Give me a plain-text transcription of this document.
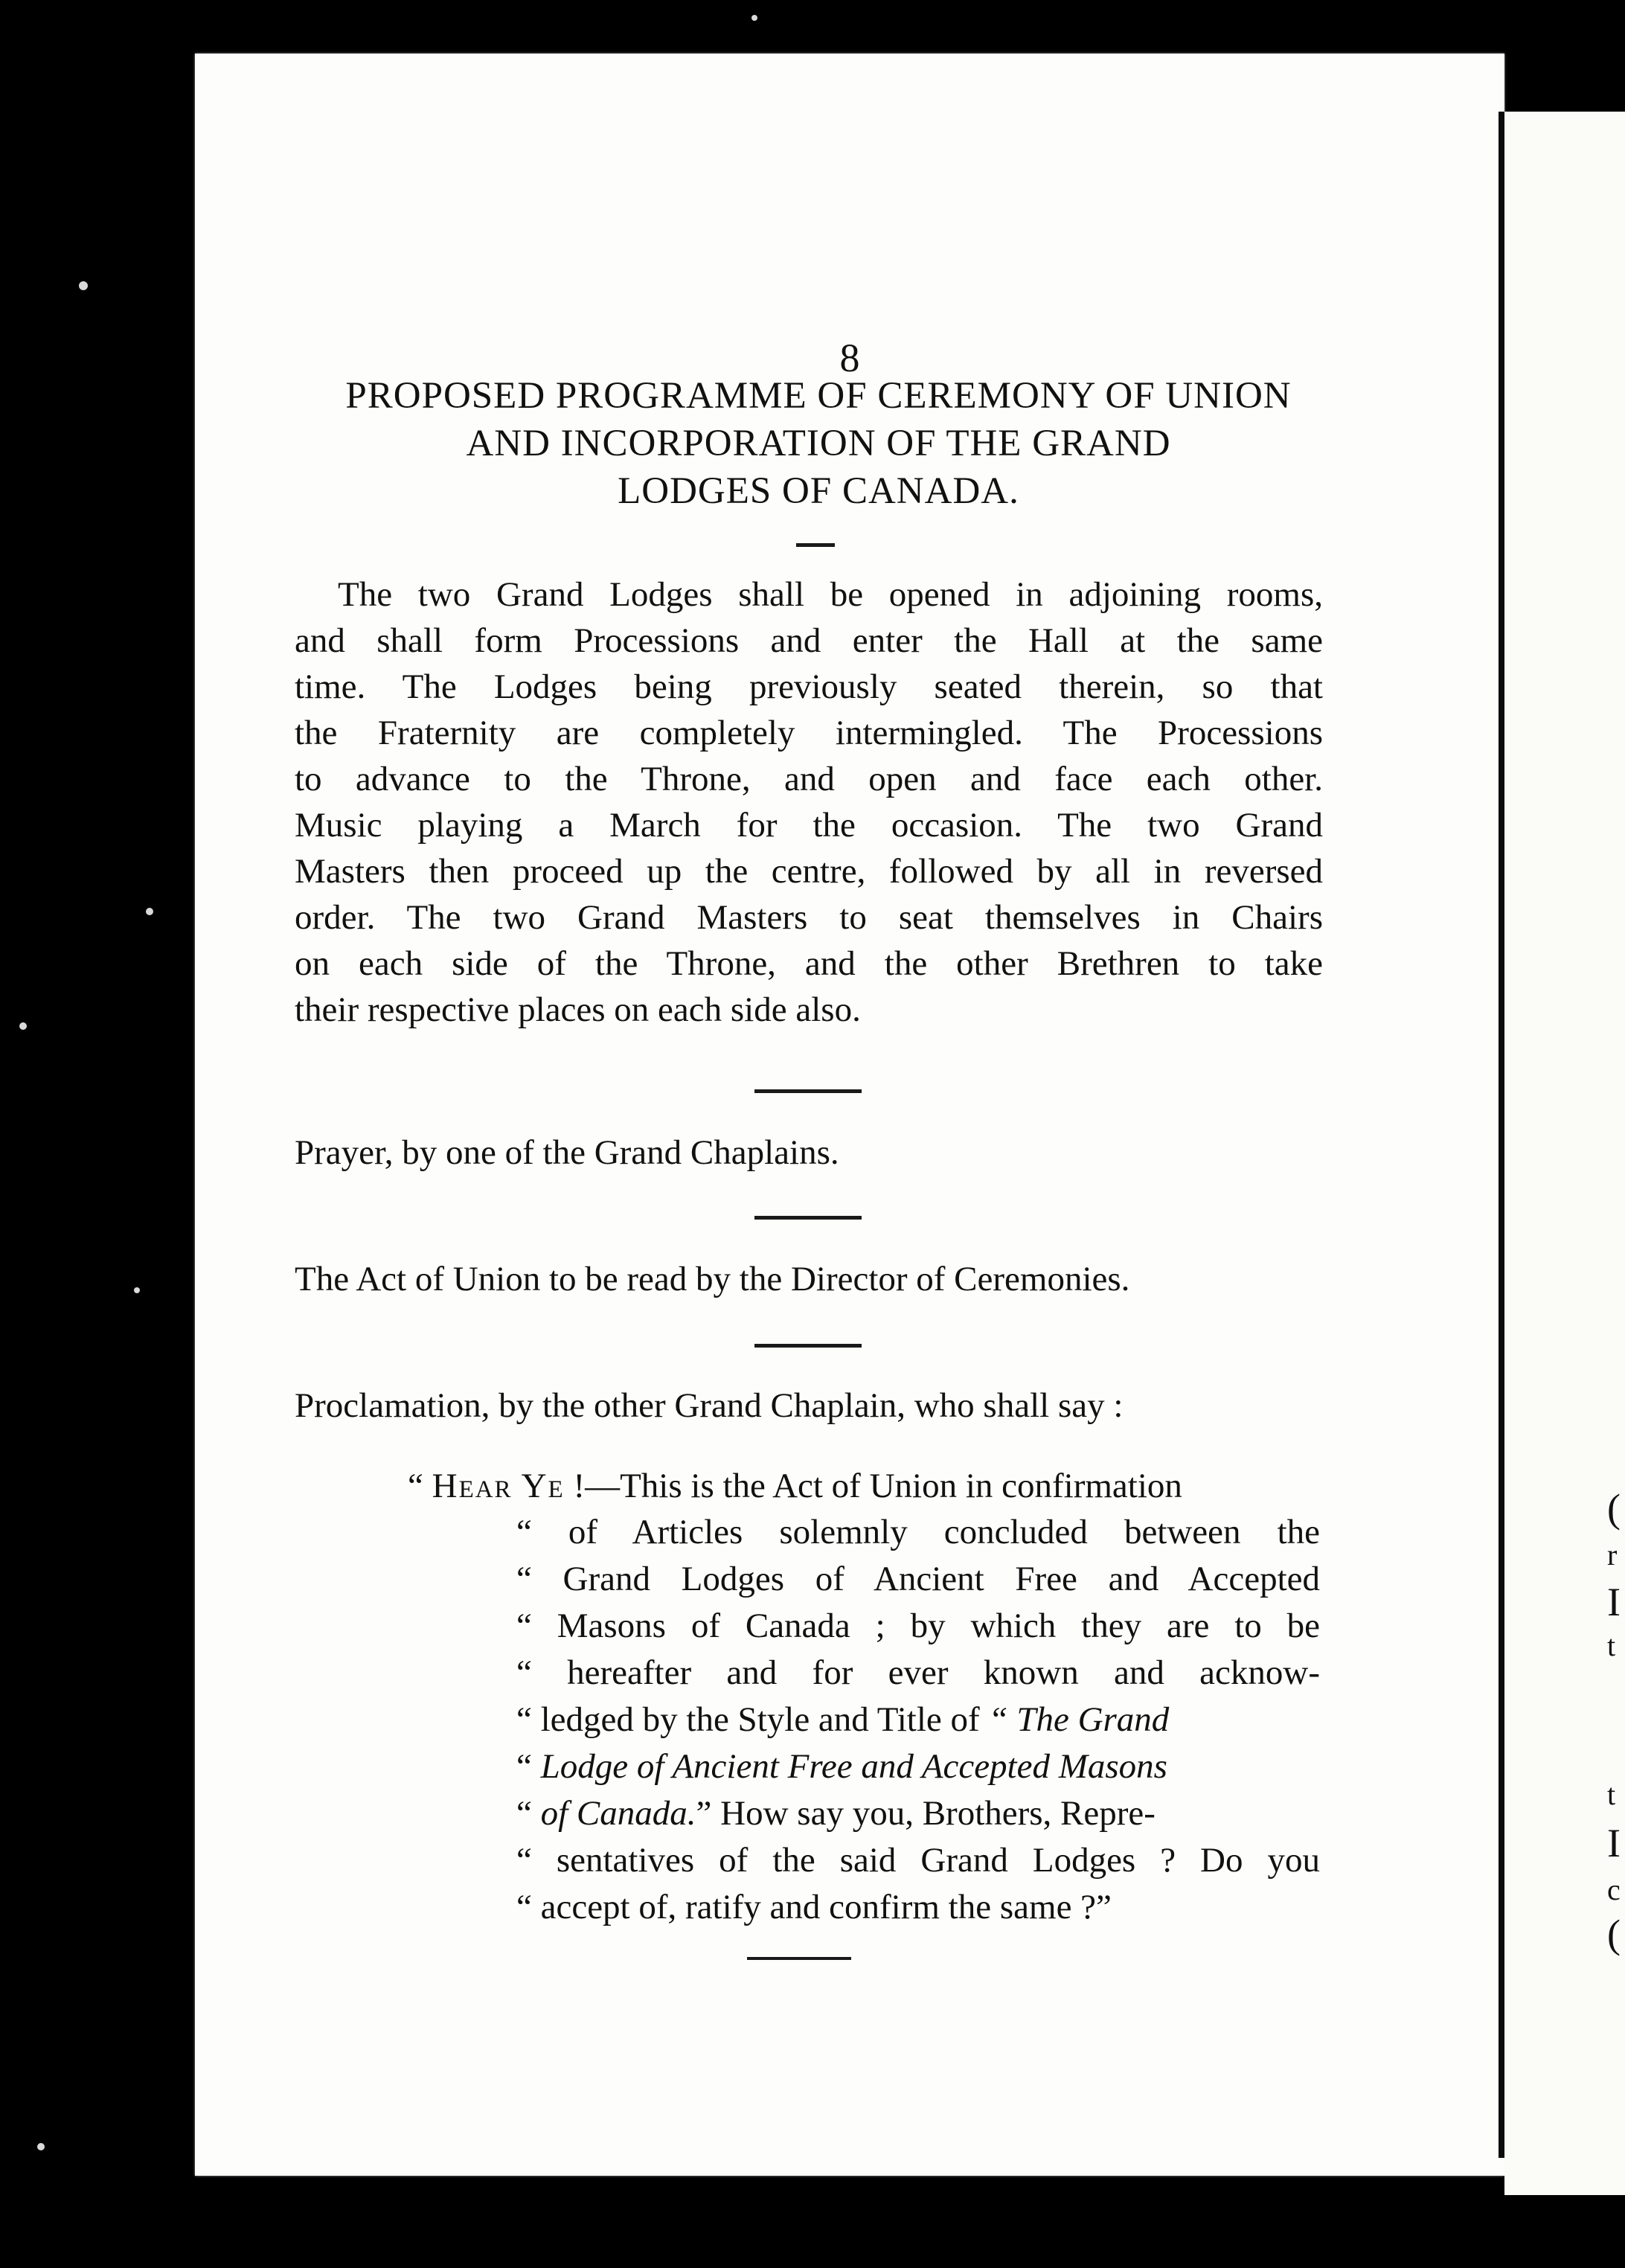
8
PROPOSED PROGRAMME OF CEREMONY OF UNION
AND INCORPORATION OF THE GRAND
LODGES OF CANADA.
The two Grand Lodges shall be opened in adjoining rooms,
and shall form Processions and enter the Hall at the same
time. The Lodges being previously seated therein, so that
the Fraternity are completely intermingled. The Processions
to advance to the Throne, and open and face each other.
Music playing a March for the occasion. The two Grand
Masters then proceed up the centre, followed by all in reversed
order. The two Grand Masters to seat themselves in Chairs
on each side of the Throne, and the other Brethren to take
their respective places on each side also.
Prayer, by one of the Grand Chaplains.
The Act of Union to be read by the Director of Ceremonies.
Proclamation, by the other Grand Chaplain, who shall say :
“ Hear Ye !—This is the Act of Union in confirmation
“ of Articles solemnly concluded between the
“ Grand Lodges of Ancient Free and Accepted
“ Masons of Canada ; by which they are to be
“ hereafter and for ever known and acknow-
“ ledged by the Style and Title of “ The Grand
“ Lodge of Ancient Free and Accepted Masons
“ of Canada.” How say you, Brothers, Repre-
“ sentatives of the said Grand Lodges ? Do you
“ accept of, ratify and confirm the same ?”
(
r
I
t
t
I
c
(
